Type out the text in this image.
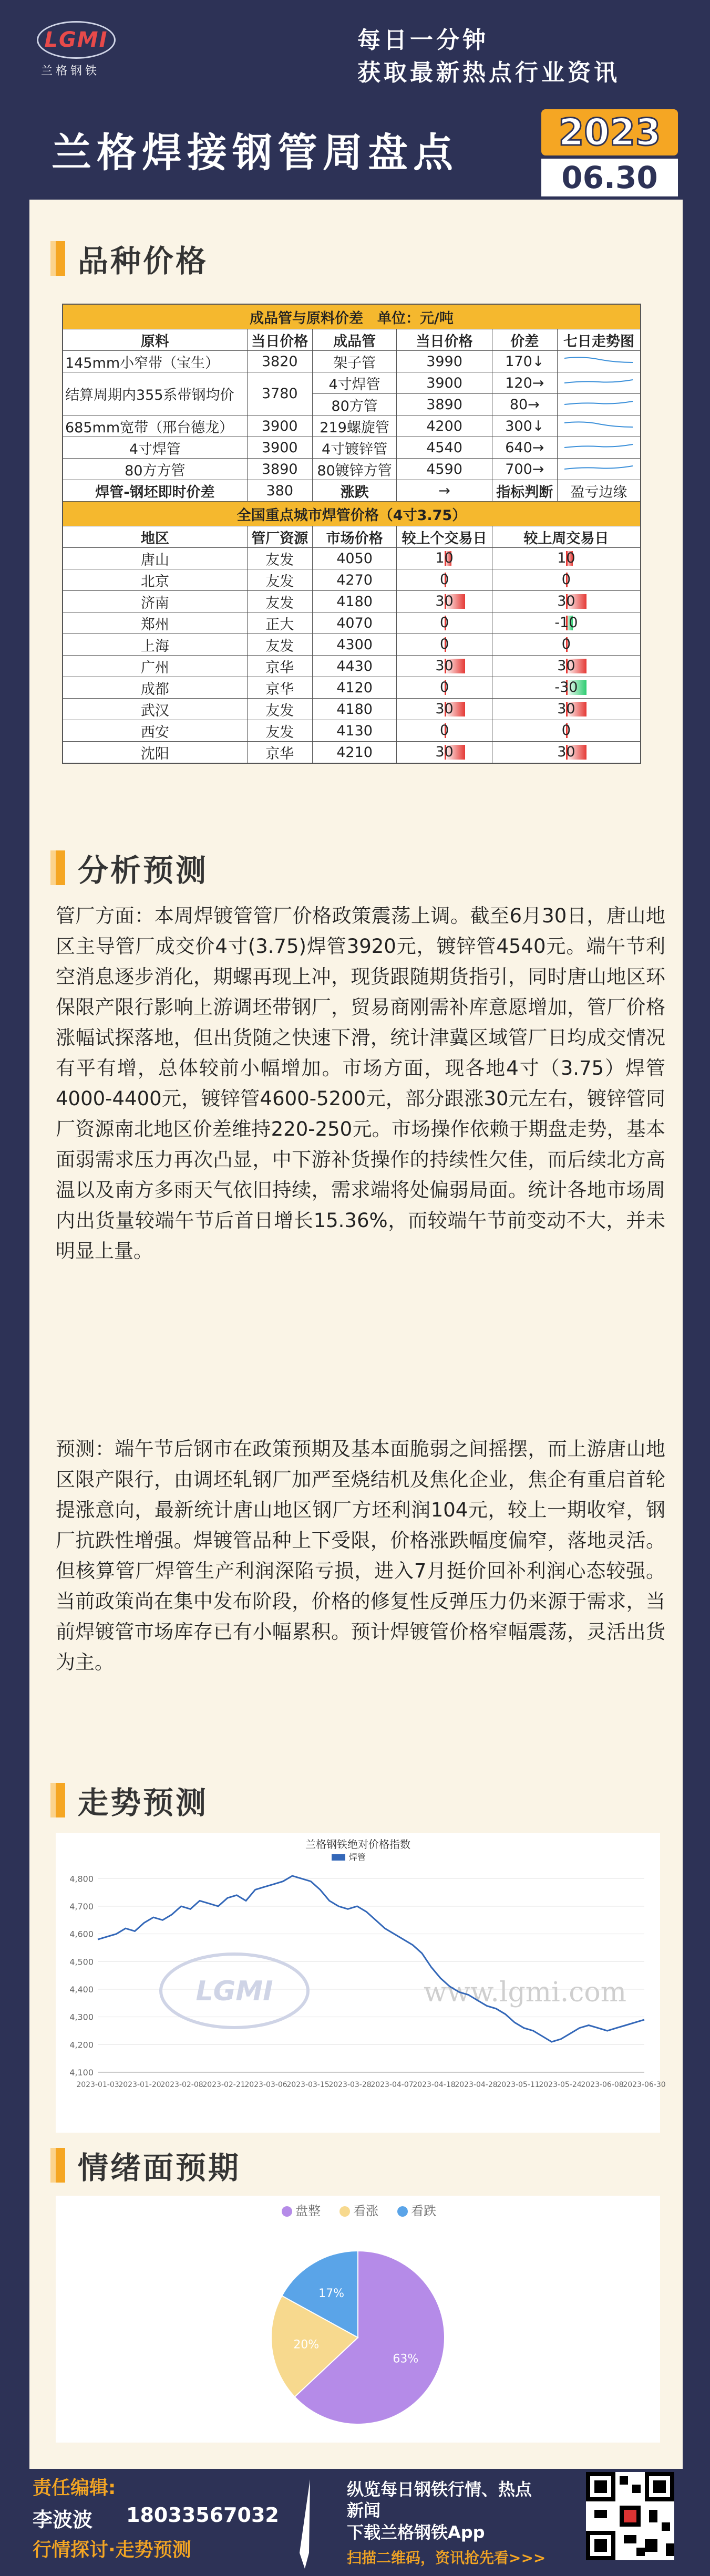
LGMI
兰格钢铁
每日一分钟
获取最新热点行业资讯
兰格焊接钢管周盘点	2023
06.30
品种价格
成品管与原料价差　单位：元/吨					
原料	当日价格	成品管	当日价格	价差	七日走势图
145mm小窄带（宝生）	3820	架子管	3990	170↓	
结算周期内355系带钢均价	3780	4寸焊管	3900	120→	
		80方管	3890	80→	
685mm宽带（邢台德龙）	3900	219螺旋管	4200	300↓	
4寸焊管	3900	4寸镀锌管	4540	640→	
80方方管	3890	80镀锌方管	4590	700→	
焊管-钢坯即时价差	380	涨跌	→	指标判断	盈亏边缘
全国重点城市焊管价格（4寸3.75）					
地区	管厂资源	市场价格	较上个交易日	较上周交易日	
唐山	友发	4050	10	10	

北京	友发	4270	0	0	

济南	友发	4180	30	30	

郑州	正大	4070	0	-10	

上海	友发	4300	0	0	

广州	京华	4430	30	30	

成都	京华	4120	0	-30	

武汉	友发	4180	30	30	

西安	友发	4130	0	0	

沈阳	京华	4210	30	30	
分析预测

管厂方面：本周焊镀管管厂价格政策震荡上调。截至6月30日，唐山地区主导管厂成交价4寸(3.75)焊管3920元，镀锌管4540元。端午节利空消息逐步消化，期螺再现上冲，现货跟随期货指引，同时唐山地区环保限产限行影响上游调坯带钢厂，贸易商刚需补库意愿增加，管厂价格涨幅试探落地，但出货随之快速下滑，统计津冀区域管厂日均成交情况有平有增，总体较前小幅增加。市场方面，现各地4寸（3.75）焊管4000-4400元，镀锌管4600-5200元，部分跟涨30元左右，镀锌管同厂资源南北地区价差维持220-250元。市场操作依赖于期盘走势，基本面弱需求压力再次凸显，中下游补货操作的持续性欠佳，而后续北方高温以及南方多雨天气依旧持续，需求端将处偏弱局面。统计各地市场周内出货量较端午节后首日增长15.36%，而较端午节前变动不大，并未明显上量。

预测：端午节后钢市在政策预期及基本面脆弱之间摇摆，而上游唐山地区限产限行，由调坯轧钢厂加严至烧结机及焦化企业，焦企有重启首轮提涨意向，最新统计唐山地区钢厂方坯利润104元，较上一期收窄，钢厂抗跌性增强。焊镀管品种上下受限，价格涨跌幅度偏窄，落地灵活。但核算管厂焊管生产利润深陷亏损，进入7月挺价回补利润心态较强。当前政策尚在集中发布阶段，价格的修复性反弹压力仍来源于需求，当前焊镀管市场库存已有小幅累积。预计焊镀管价格窄幅震荡，灵活出货为主。

走势预测
兰格钢铁绝对价格指数
焊管
4,800
4,700
4,600
4,500
4,400
4,300
4,200
4,100
2023-01-03
2023-01-20
2023-02-08
2023-02-21
2023-03-06
2023-03-15
2023-03-28
2023-04-07
2023-04-18
2023-04-28
2023-05-11
2023-05-24
2023-06-08
2023-06-30
www.lgmi.com
LGMI
情绪面预期
盘整	看涨	看跌
63%
20%
17%
责任编辑:
李波波 18033567032
行情探讨·走势预测
纵览每日钢铁行情、热点
新闻
下载兰格钢铁App
扫描二维码，资讯抢先看>>>
